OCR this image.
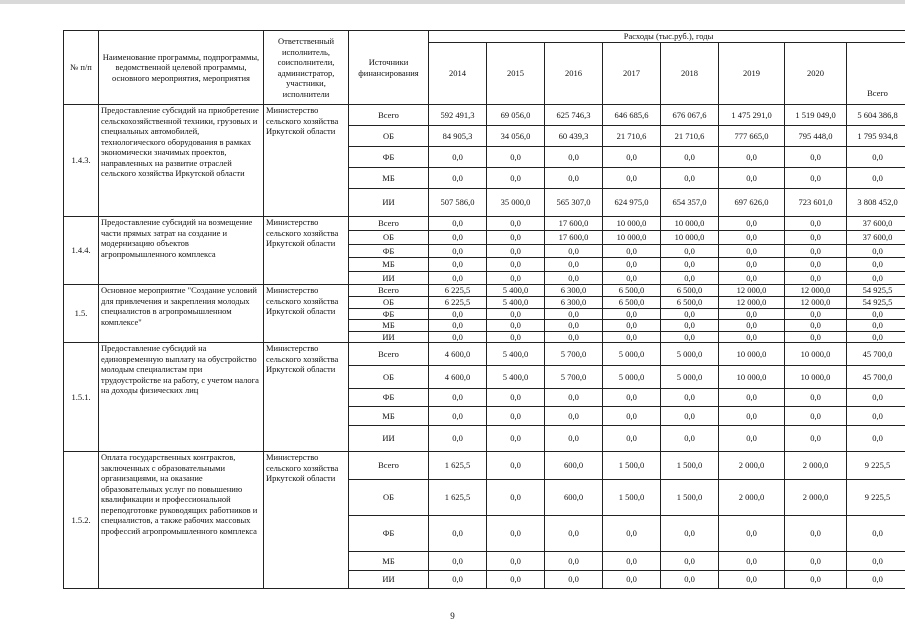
№ п/п	Наименование программы, подпрограммы, ведомственной целевой программы, основного мероприятия, мероприятия	Ответственный исполнитель, соисполнители, администратор, участники, исполнители	Источники финансирования	Расходы (тыс.руб.), годы							
				2014	2015	2016	2017	2018	2019	2020	Всего
1.4.3.	Предоставление субсидий на приобретение сельскохозяйственной техники, грузовых и специальных автомобилей, технологического оборудования в рамках экономически значимых проектов, направленных на развитие отраслей сельского хозяйства Иркутской области	Министерство сельского хозяйства Иркутской области	Всего	592 491,3	69 056,0	625 746,3	646 685,6	676 067,6	1 475 291,0	1 519 049,0	5 604 386,8
			ОБ	84 905,3	34 056,0	60 439,3	21 710,6	21 710,6	777 665,0	795 448,0	1 795 934,8
			ФБ	0,0	0,0	0,0	0,0	0,0	0,0	0,0	0,0
			МБ	0,0	0,0	0,0	0,0	0,0	0,0	0,0	0,0
			ИИ	507 586,0	35 000,0	565 307,0	624 975,0	654 357,0	697 626,0	723 601,0	3 808 452,0
1.4.4.	Предоставление субсидий на возмещение части прямых затрат на создание и модернизацию объектов агропромышленного комплекса	Министерство сельского хозяйства Иркутской области	Всего	0,0	0,0	17 600,0	10 000,0	10 000,0	0,0	0,0	37 600,0
			ОБ	0,0	0,0	17 600,0	10 000,0	10 000,0	0,0	0,0	37 600,0
			ФБ	0,0	0,0	0,0	0,0	0,0	0,0	0,0	0,0
			МБ	0,0	0,0	0,0	0,0	0,0	0,0	0,0	0,0
			ИИ	0,0	0,0	0,0	0,0	0,0	0,0	0,0	0,0
1.5.	Основное мероприятие "Создание условий для привлечения и закрепления молодых специалистов в агропромышленном комплексе"	Министерство сельского хозяйства Иркутской области	Всего	6 225,5	5 400,0	6 300,0	6 500,0	6 500,0	12 000,0	12 000,0	54 925,5
			ОБ	6 225,5	5 400,0	6 300,0	6 500,0	6 500,0	12 000,0	12 000,0	54 925,5
			ФБ	0,0	0,0	0,0	0,0	0,0	0,0	0,0	0,0
			МБ	0,0	0,0	0,0	0,0	0,0	0,0	0,0	0,0
			ИИ	0,0	0,0	0,0	0,0	0,0	0,0	0,0	0,0
1.5.1.	Предоставление субсидий на единовременную выплату на обустройство молодым специалистам при трудоустройстве на работу, с учетом налога на доходы физических лиц	Министерство сельского хозяйства Иркутской области	Всего	4 600,0	5 400,0	5 700,0	5 000,0	5 000,0	10 000,0	10 000,0	45 700,0
			ОБ	4 600,0	5 400,0	5 700,0	5 000,0	5 000,0	10 000,0	10 000,0	45 700,0
			ФБ	0,0	0,0	0,0	0,0	0,0	0,0	0,0	0,0
			МБ	0,0	0,0	0,0	0,0	0,0	0,0	0,0	0,0
			ИИ	0,0	0,0	0,0	0,0	0,0	0,0	0,0	0,0
1.5.2.	Оплата государственных контрактов, заключенных с образовательными организациями, на оказание образовательных услуг по повышению квалификации и профессиональной переподготовке руководящих работников и специалистов, а также рабочих массовых профессий агропромышленного комплекса	Министерство сельского хозяйства Иркутской области	Всего	1 625,5	0,0	600,0	1 500,0	1 500,0	2 000,0	2 000,0	9 225,5
			ОБ	1 625,5	0,0	600,0	1 500,0	1 500,0	2 000,0	2 000,0	9 225,5
			ФБ	0,0	0,0	0,0	0,0	0,0	0,0	0,0	0,0
			МБ	0,0	0,0	0,0	0,0	0,0	0,0	0,0	0,0
			ИИ	0,0	0,0	0,0	0,0	0,0	0,0	0,0	0,0
9
